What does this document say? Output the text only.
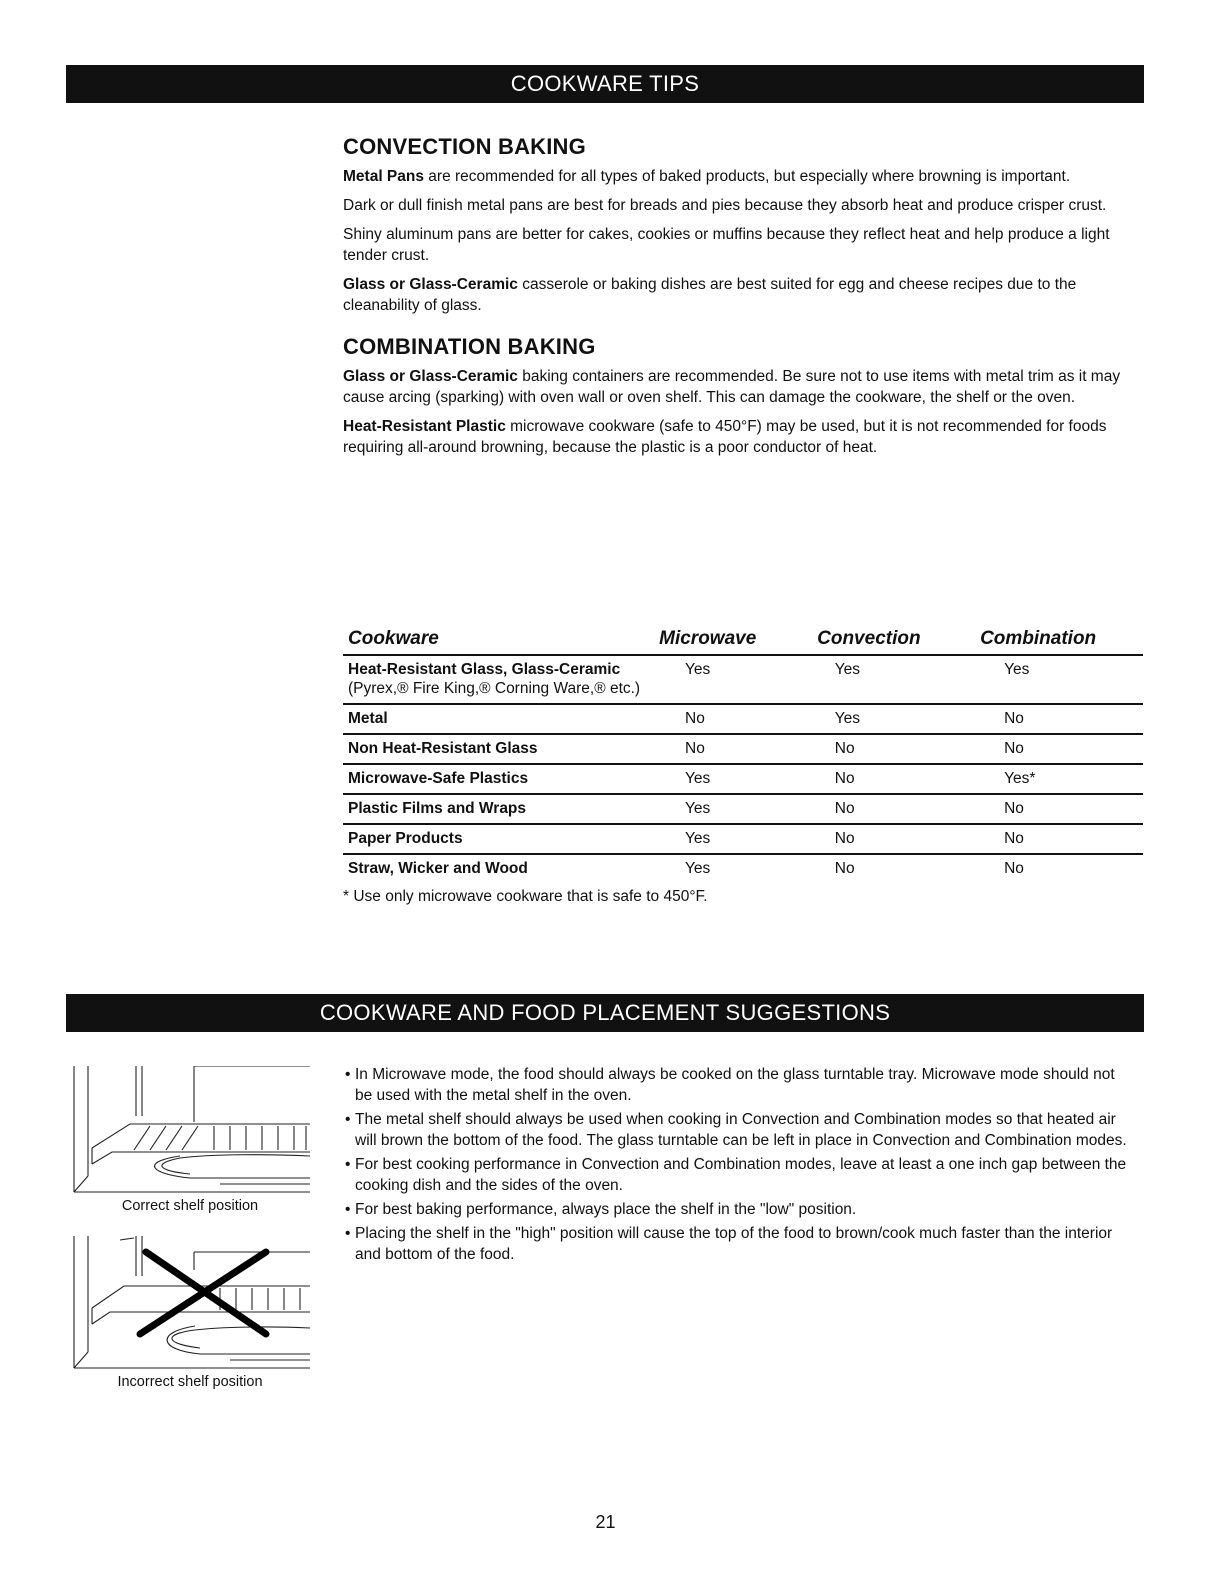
COOKWARE TIPS
CONVECTION BAKING

Metal Pans are recommended for all types of baked products, but especially where browning is important.

Dark or dull finish metal pans are best for breads and pies because they absorb heat and produce crisper crust.

Shiny aluminum pans are better for cakes, cookies or muffins because they reflect heat and help produce a light tender crust.

Glass or Glass-Ceramic casserole or baking dishes are best suited for egg and cheese recipes due to the cleanability of glass.

COMBINATION BAKING

Glass or Glass-Ceramic baking containers are recommended. Be sure not to use items with metal trim as it may cause arcing (sparking) with oven wall or oven shelf. This can damage the cookware, the shelf or the oven.

Heat-Resistant Plastic microwave cookware (safe to 450°F) may be used, but it is not recommended for foods requiring all-around browning, because the plastic is a poor conductor of heat.

Cookware	Microwave	Convection	Combination
Heat-Resistant Glass, Glass-Ceramic
(Pyrex,® Fire King,® Corning Ware,® etc.)
Yes	Yes	Yes
Metal	No	Yes	No
Non Heat-Resistant Glass	No	No	No
Microwave-Safe Plastics	Yes	No	Yes*
Plastic Films and Wraps	Yes	No	No
Paper Products	Yes	No	No
Straw, Wicker and Wood	Yes	No	No
* Use only microwave cookware that is safe to 450°F.
COOKWARE AND FOOD PLACEMENT SUGGESTIONS
Correct shelf position
Incorrect shelf position
• In Microwave mode, the food should always be cooked on the glass turntable tray. Microwave mode should not be used with the metal shelf in the oven.
• The metal shelf should always be used when cooking in Convection and Combination modes so that heated air will brown the bottom of the food. The glass turntable can be left in place in Convection and Combination modes.
• For best cooking performance in Convection and Combination modes, leave at least a one inch gap between the cooking dish and the sides of the oven.
• For best baking performance, always place the shelf in the "low" position.
• Placing the shelf in the "high" position will cause the top of the food to brown/cook much faster than the interior and bottom of the food.
21
